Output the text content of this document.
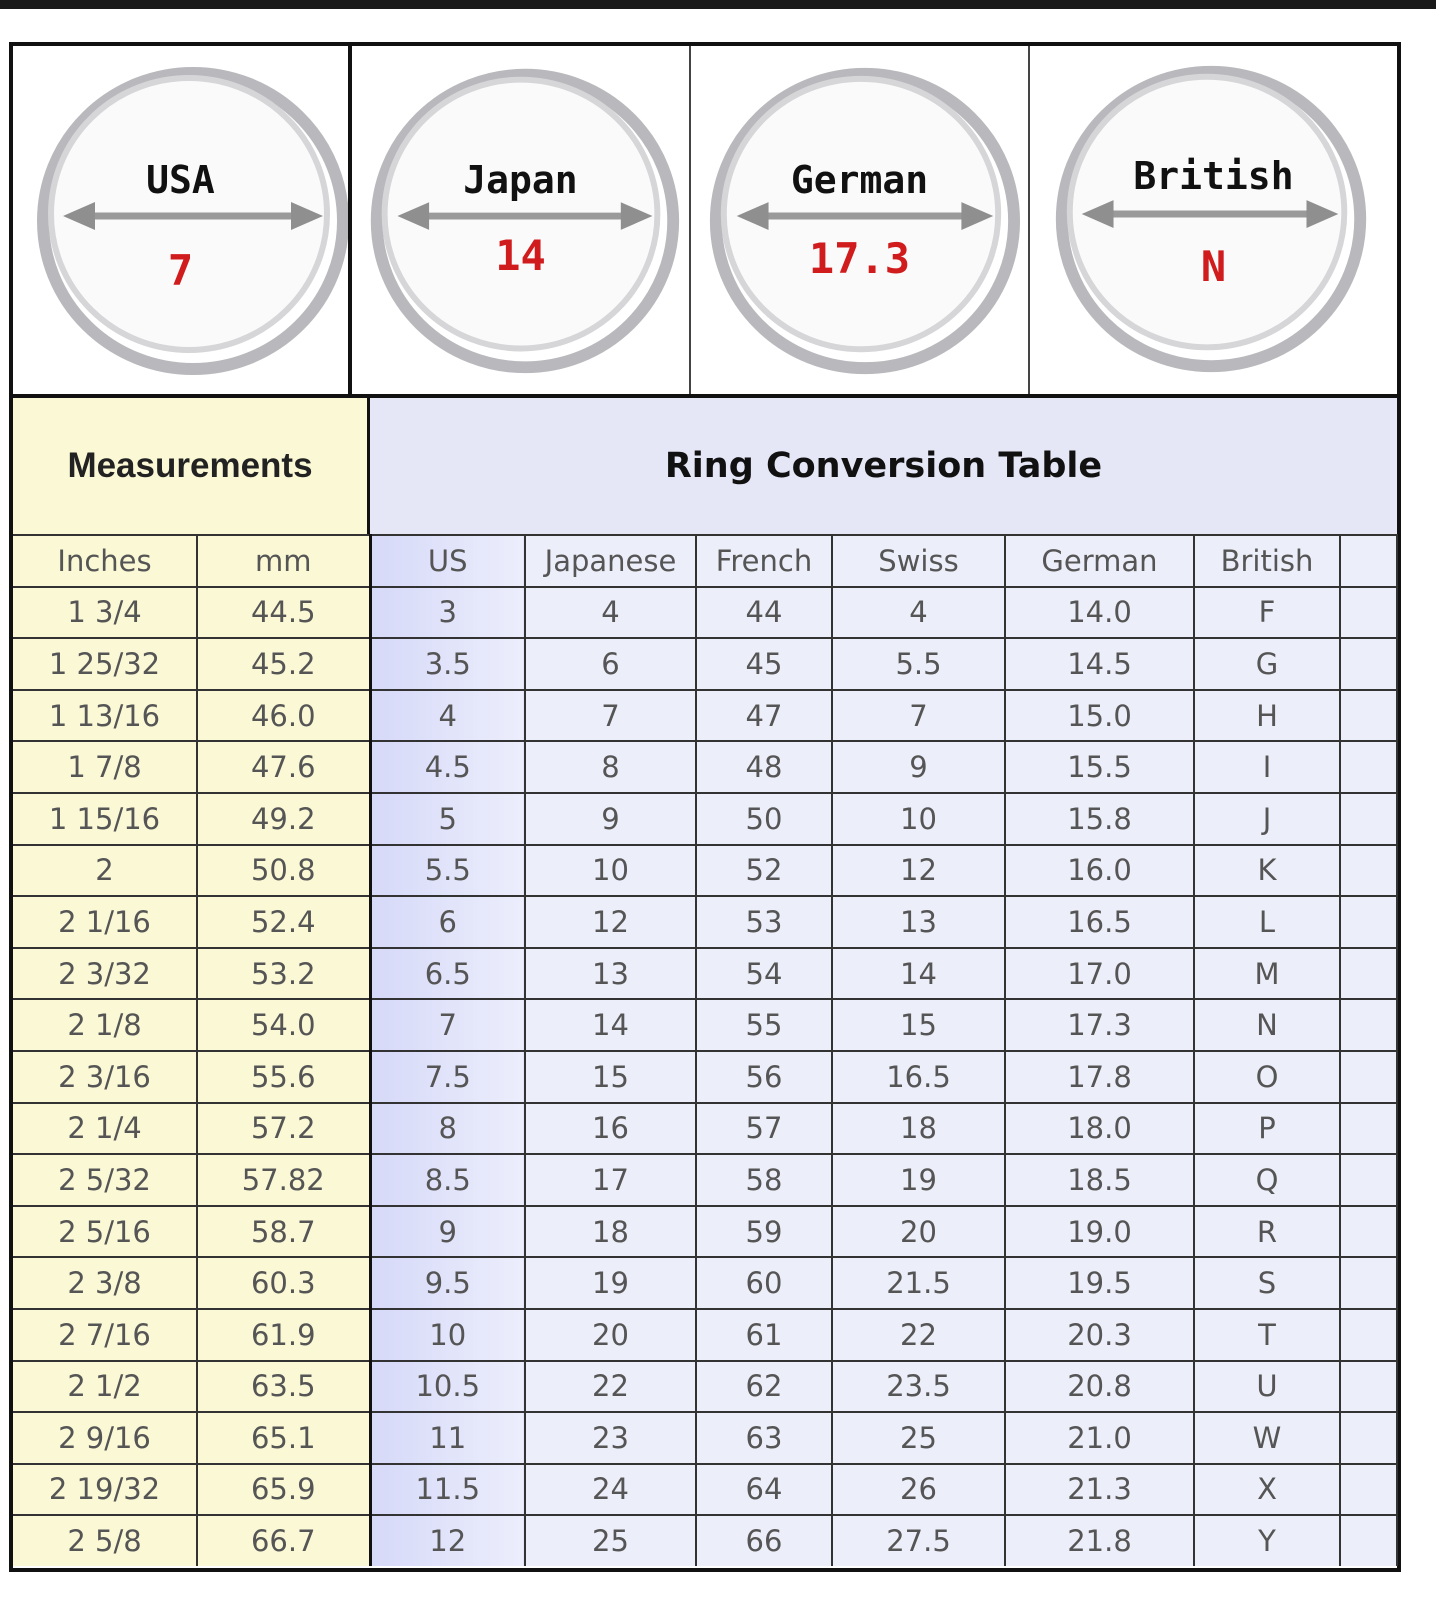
USA
7
Japan
14
German
17.3
British
N
Measurements	Ring Conversion Table
Inches	mm	US	Japanese	French	Swiss	German	British	
1 3/4	44.5	3	4	44	4	14.0	F	
1 25/32	45.2	3.5	6	45	5.5	14.5	G	
1 13/16	46.0	4	7	47	7	15.0	H	
1 7/8	47.6	4.5	8	48	9	15.5	I	
1 15/16	49.2	5	9	50	10	15.8	J	
2	50.8	5.5	10	52	12	16.0	K	
2 1/16	52.4	6	12	53	13	16.5	L	
2 3/32	53.2	6.5	13	54	14	17.0	M	
2 1/8	54.0	7	14	55	15	17.3	N	
2 3/16	55.6	7.5	15	56	16.5	17.8	O	
2 1/4	57.2	8	16	57	18	18.0	P	
2 5/32	57.82	8.5	17	58	19	18.5	Q	
2 5/16	58.7	9	18	59	20	19.0	R	
2 3/8	60.3	9.5	19	60	21.5	19.5	S	
2 7/16	61.9	10	20	61	22	20.3	T	
2 1/2	63.5	10.5	22	62	23.5	20.8	U	
2 9/16	65.1	11	23	63	25	21.0	W	
2 19/32	65.9	11.5	24	64	26	21.3	X	
2 5/8	66.7	12	25	66	27.5	21.8	Y	
